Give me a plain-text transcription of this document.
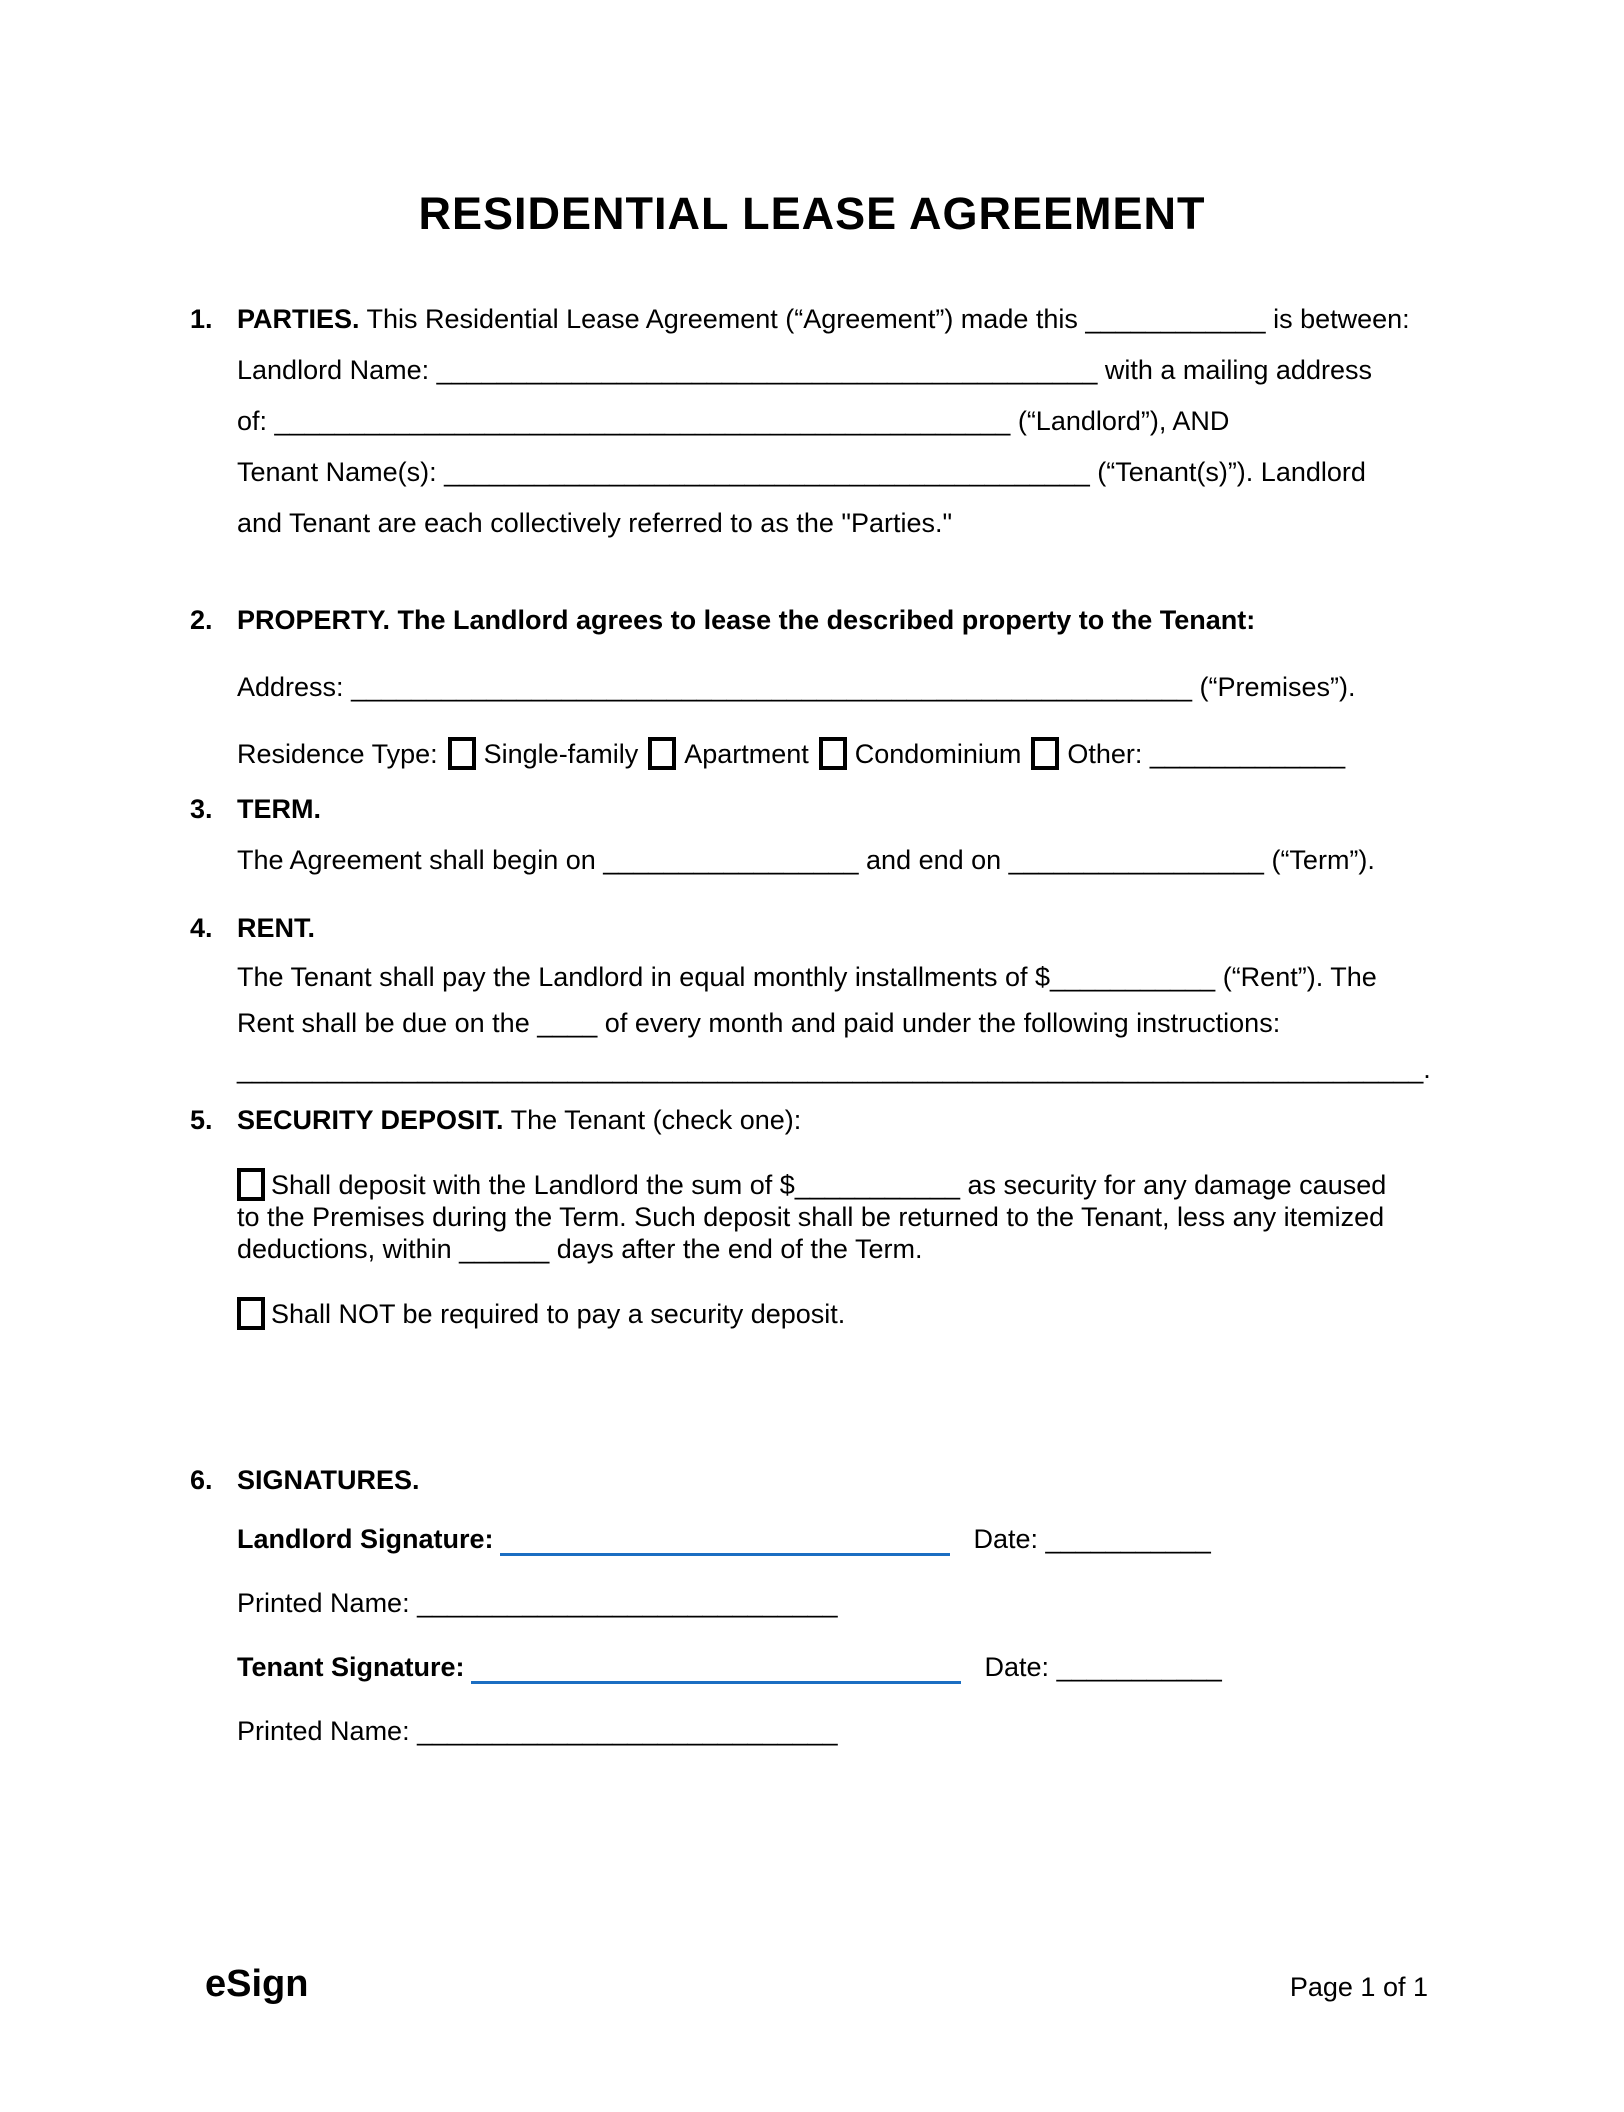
RESIDENTIAL LEASE AGREEMENT
1. PARTIES. This Residential Lease Agreement (“Agreement”) made this ____________ is between:
Landlord Name: ____________________________________________ with a mailing address
of: _________________________________________________ (“Landlord”), AND
Tenant Name(s): ___________________________________________ (“Tenant(s)”). Landlord
and Tenant are each collectively referred to as the "Parties."
2. PROPERTY. The Landlord agrees to lease the described property to the Tenant:
Address: ________________________________________________________ (“Premises”).
Residence Type: Single-family Apartment Condominium Other: _____________
3. TERM.
The Agreement shall begin on _________________ and end on _________________ (“Term”).
4. RENT.
The Tenant shall pay the Landlord in equal monthly installments of $___________ (“Rent”). The
Rent shall be due on the ____ of every month and paid under the following instructions:
_______________________________________________________________________________.
5. SECURITY DEPOSIT. The Tenant (check one):
Shall deposit with the Landlord the sum of $___________ as security for any damage caused
to the Premises during the Term. Such deposit shall be returned to the Tenant, less any itemized
deductions, within ______ days after the end of the Term.
Shall NOT be required to pay a security deposit.
6. SIGNATURES.
Landlord Signature:	Date: ___________
Printed Name: ____________________________
Tenant Signature:	Date: ___________
Printed Name: ____________________________
eSign	Page 1 of 1
